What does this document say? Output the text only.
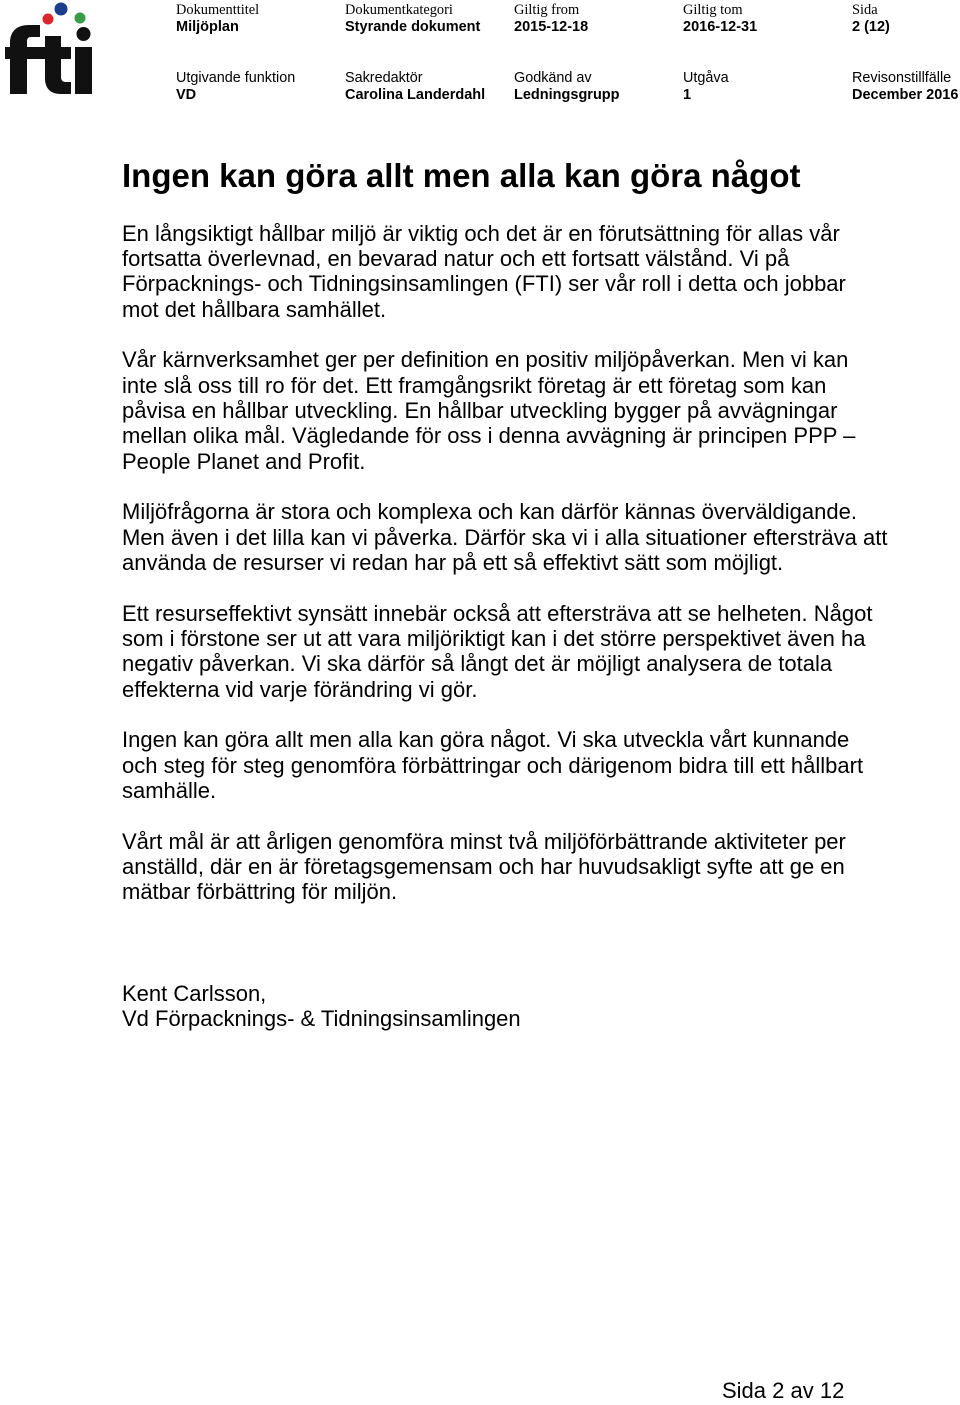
Dokumenttitel
Miljöplan
Dokumentkategori
Styrande dokument
Giltig from
2015-12-18
Giltig tom
2016-12-31
Sida
2 (12)
Utgivande funktion
VD
Sakredaktör
Carolina Landerdahl
Godkänd av
Ledningsgrupp
Utgåva
1
Revisonstillfälle
December 2016
Ingen kan göra allt men alla kan göra något
En långsiktigt hållbar miljö är viktig och det är en förutsättning för allas vår
fortsatta överlevnad, en bevarad natur och ett fortsatt välstånd. Vi på
Förpacknings- och Tidningsinsamlingen (FTI) ser vår roll i detta och jobbar
mot det hållbara samhället.
Vår kärnverksamhet ger per definition en positiv miljöpåverkan. Men vi kan
inte slå oss till ro för det. Ett framgångsrikt företag är ett företag som kan
påvisa en hållbar utveckling. En hållbar utveckling bygger på avvägningar
mellan olika mål. Vägledande för oss i denna avvägning är principen PPP –
People Planet and Profit.
Miljöfrågorna är stora och komplexa och kan därför kännas överväldigande.
Men även i det lilla kan vi påverka. Därför ska vi i alla situationer eftersträva att
använda de resurser vi redan har på ett så effektivt sätt som möjligt.
Ett resurseffektivt synsätt innebär också att eftersträva att se helheten. Något
som i förstone ser ut att vara miljöriktigt kan i det större perspektivet även ha
negativ påverkan. Vi ska därför så långt det är möjligt analysera de totala
effekterna vid varje förändring vi gör.
Ingen kan göra allt men alla kan göra något. Vi ska utveckla vårt kunnande
och steg för steg genomföra förbättringar och därigenom bidra till ett hållbart
samhälle.
Vårt mål är att årligen genomföra minst två miljöförbättrande aktiviteter per
anställd, där en är företagsgemensam och har huvudsakligt syfte att ge en
mätbar förbättring för miljön.
Kent Carlsson,
Vd Förpacknings- & Tidningsinsamlingen
Sida 2 av 12
